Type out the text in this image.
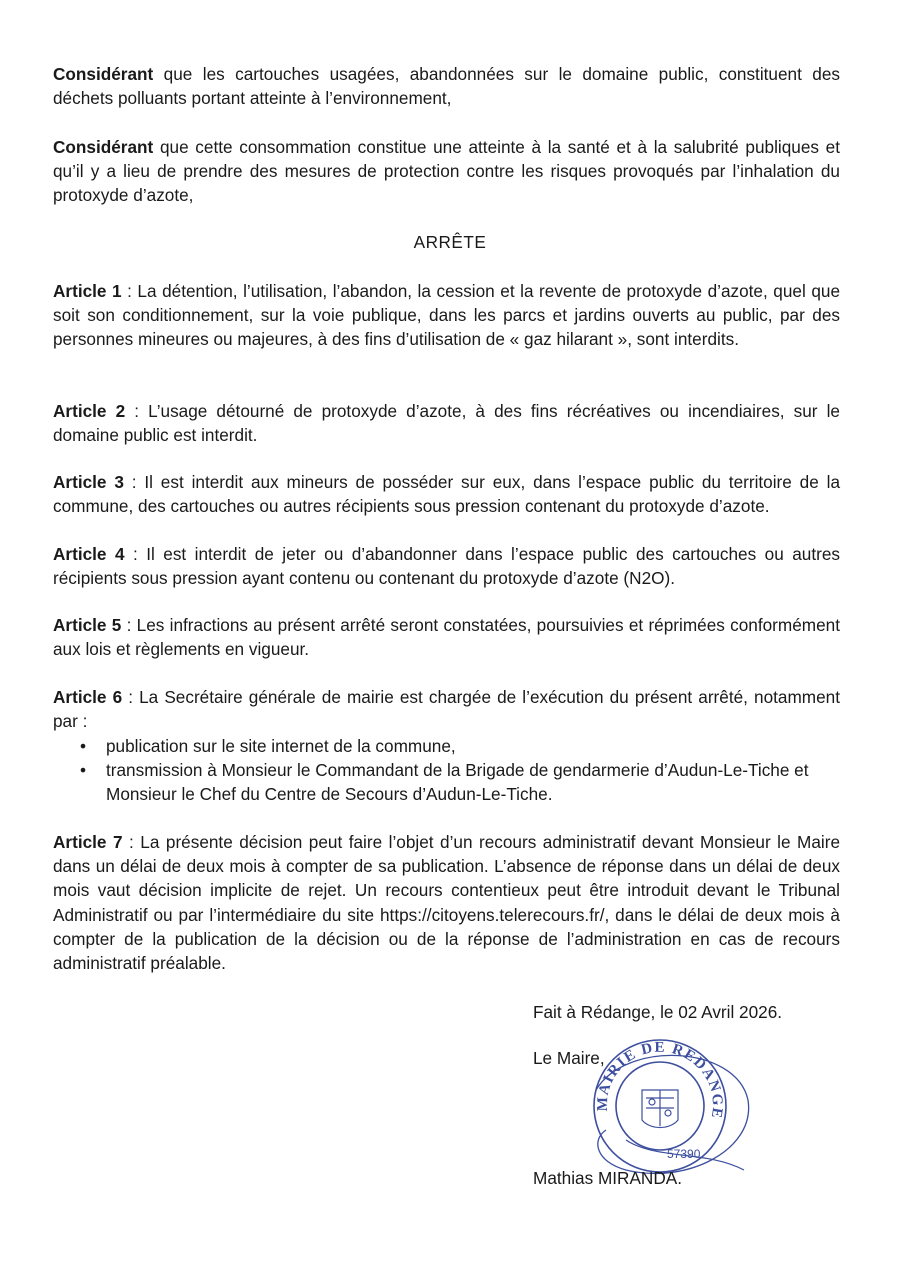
Considérant que les cartouches usagées, abandonnées sur le domaine public, constituent des déchets polluants portant atteinte à l’environnement,

Considérant que cette consommation constitue une atteinte à la santé et à la salubrité publiques et qu’il y a lieu de prendre des mesures de protection contre les risques provoqués par l’inhalation du protoxyde d’azote,

ARRÊTE

Article 1 : La détention, l’utilisation, l’abandon, la cession et la revente de protoxyde d’azote, quel que soit son conditionnement, sur la voie publique, dans les parcs et jardins ouverts au public, par des personnes mineures ou majeures, à des fins d’utilisation de « gaz hilarant », sont interdits.

Article 2 : L’usage détourné de protoxyde d’azote, à des fins récréatives ou incendiaires, sur le domaine public est interdit.

Article 3 : Il est interdit aux mineurs de posséder sur eux, dans l’espace public du territoire de la commune, des cartouches ou autres récipients sous pression contenant du protoxyde d’azote.

Article 4 : Il est interdit de jeter ou d’abandonner dans l’espace public des cartouches ou autres récipients sous pression ayant contenu ou contenant du protoxyde d’azote (N2O).

Article 5 : Les infractions au présent arrêté seront constatées, poursuivies et réprimées conformément aux lois et règlements en vigueur.

Article 6 : La Secrétaire générale de mairie est chargée de l’exécution du présent arrêté, notamment par :

• publication sur le site internet de la commune,
• transmission à Monsieur le Commandant de la Brigade de gendarmerie d’Audun-Le-Tiche et Monsieur le Chef du Centre de Secours d’Audun-Le-Tiche.

Article 7 : La présente décision peut faire l’objet d’un recours administratif devant Monsieur le Maire dans un délai de deux mois à compter de sa publication. L’absence de réponse dans un délai de deux mois vaut décision implicite de rejet. Un recours contentieux peut être introduit devant le Tribunal Administratif ou par l’intermédiaire du site https://citoyens.telerecours.fr/, dans le délai de deux mois à compter de la publication de la décision ou de la réponse de l’administration en cas de recours administratif préalable.

Fait à Rédange, le 02 Avril 2026.
Le Maire,
MAIRIE DE REDANGE
57390
Mathias MIRANDA.
